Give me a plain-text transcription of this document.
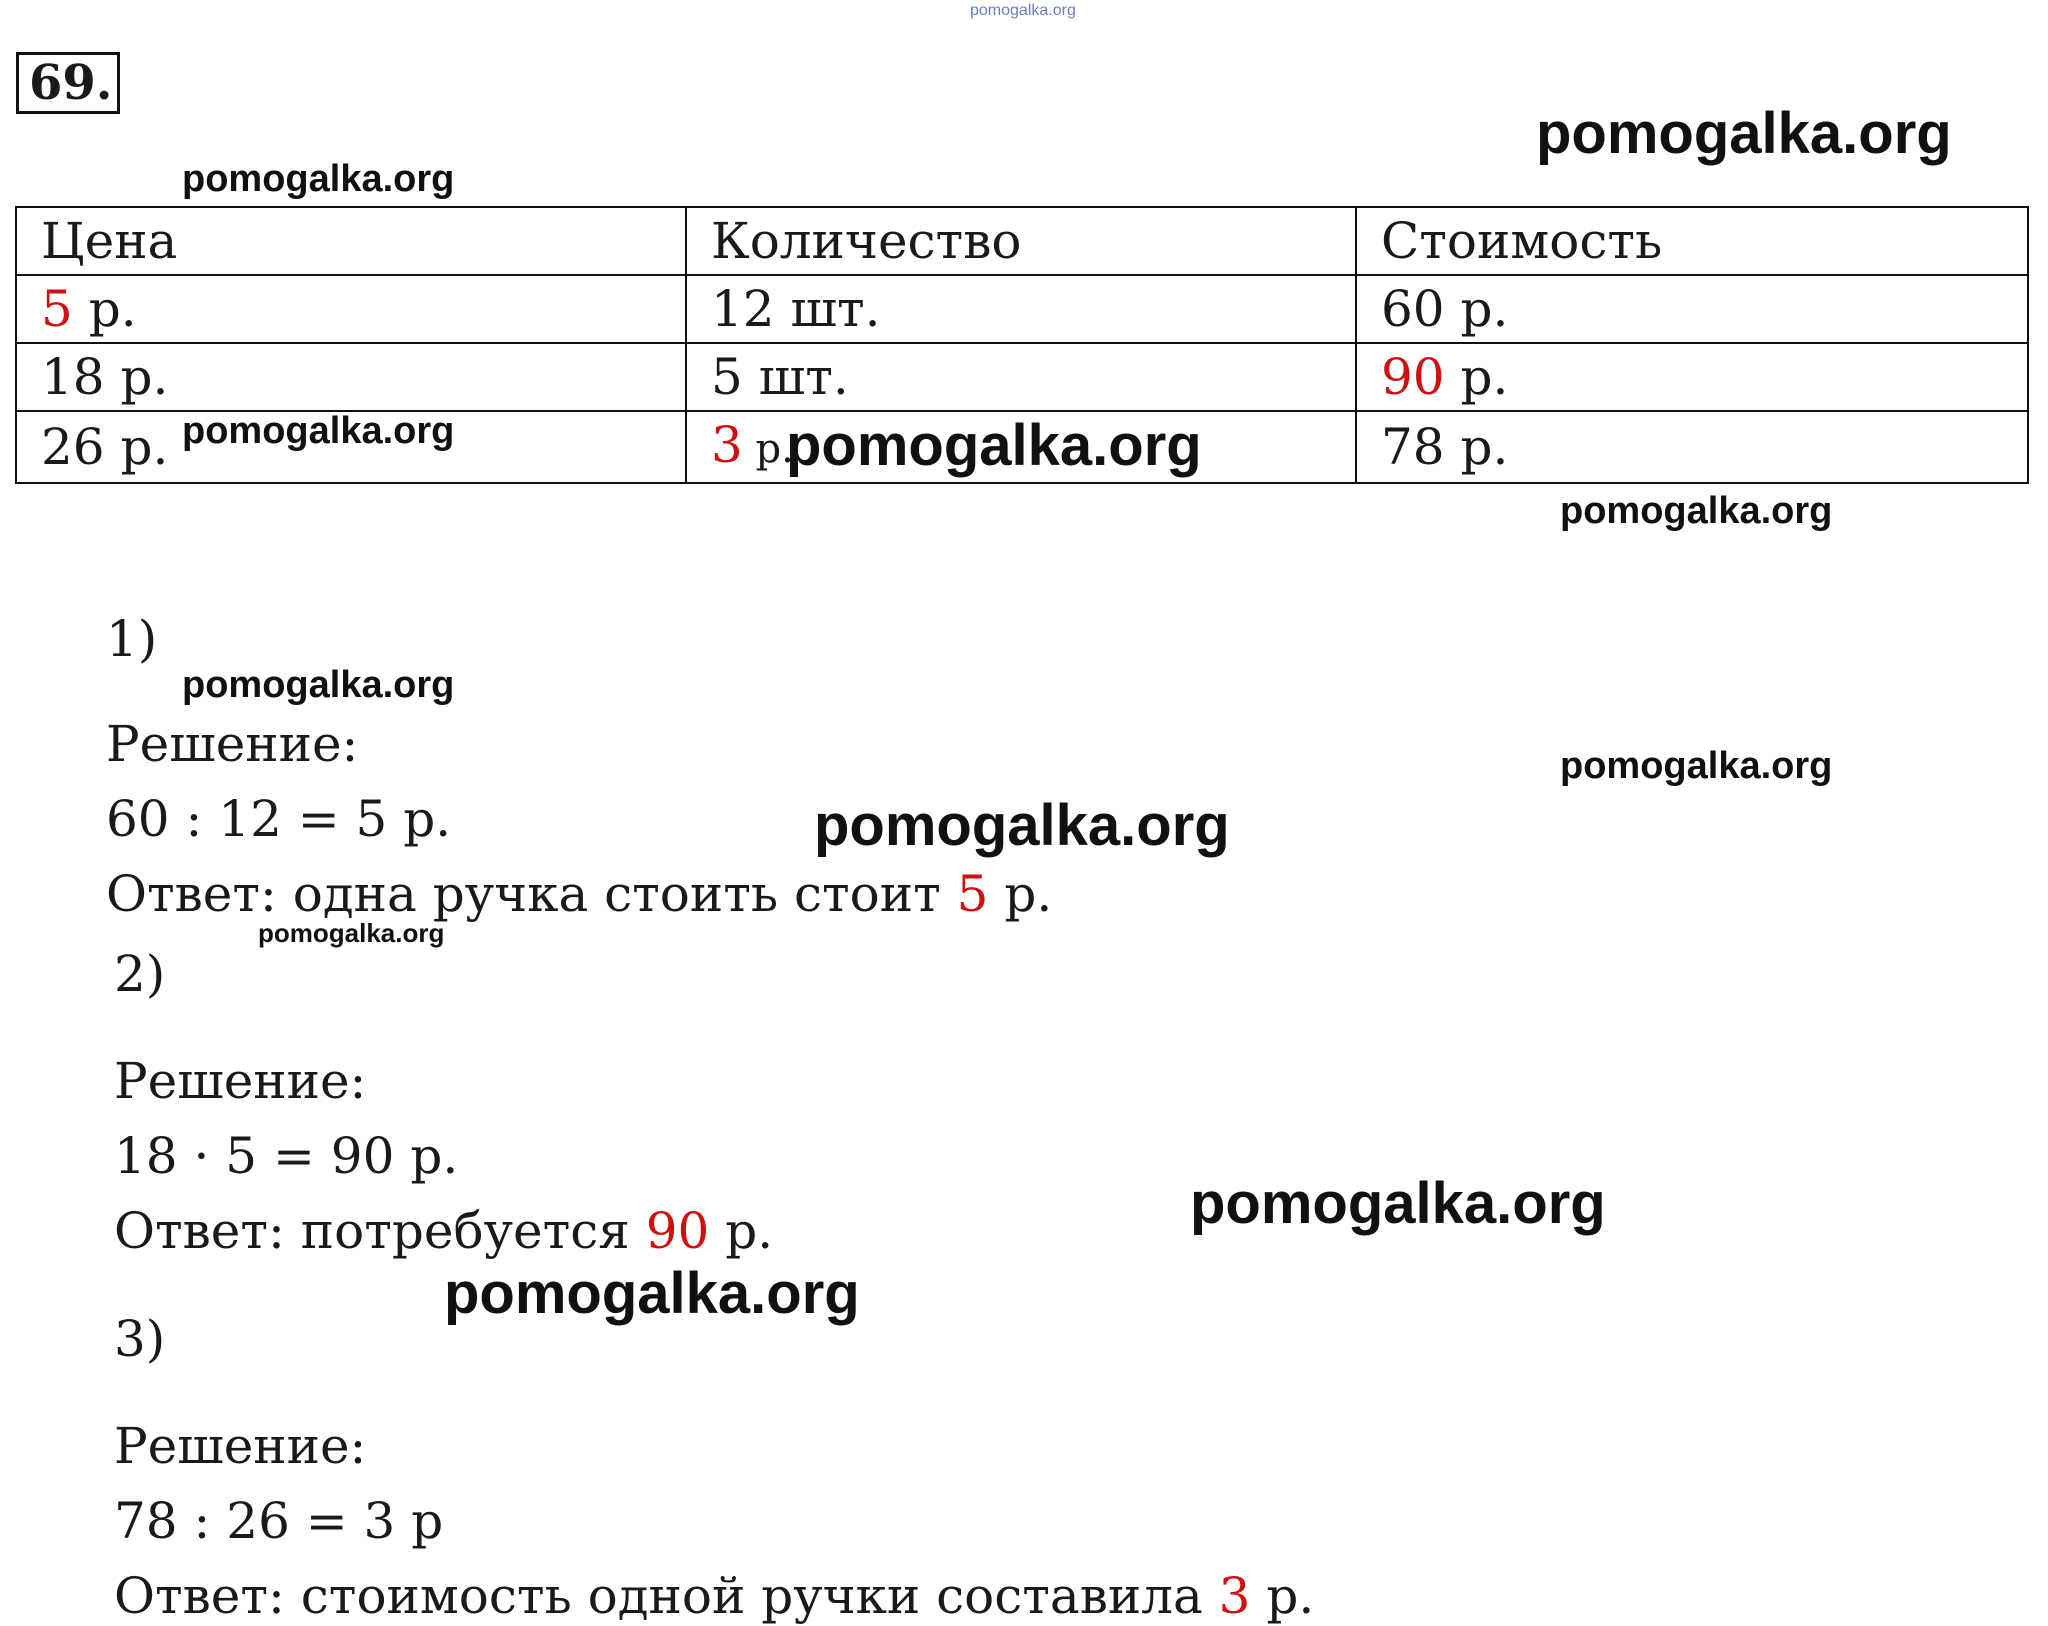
pomogalka.org
69.
Цена	Количество	Стоимость
5 р.	12 шт.	60 р.
18 р.	5 шт.	90 р.
26 р.	3 р.	78 р.
1)
Решение:
60 : 12 = 5 р.
Ответ: одна ручка стоить стоит 5 р.
2)
Решение:
18 · 5 = 90 р.
Ответ: потребуется 90 р.
3)
Решение:
78 : 26 = 3 р
Ответ: стоимость одной ручки составила 3 р.
pomogalka.org
pomogalka.org
pomogalka.org	pomogalka.org
pomogalka.org
pomogalka.org
pomogalka.org
pomogalka.org
pomogalka.org
pomogalka.org
pomogalka.org
